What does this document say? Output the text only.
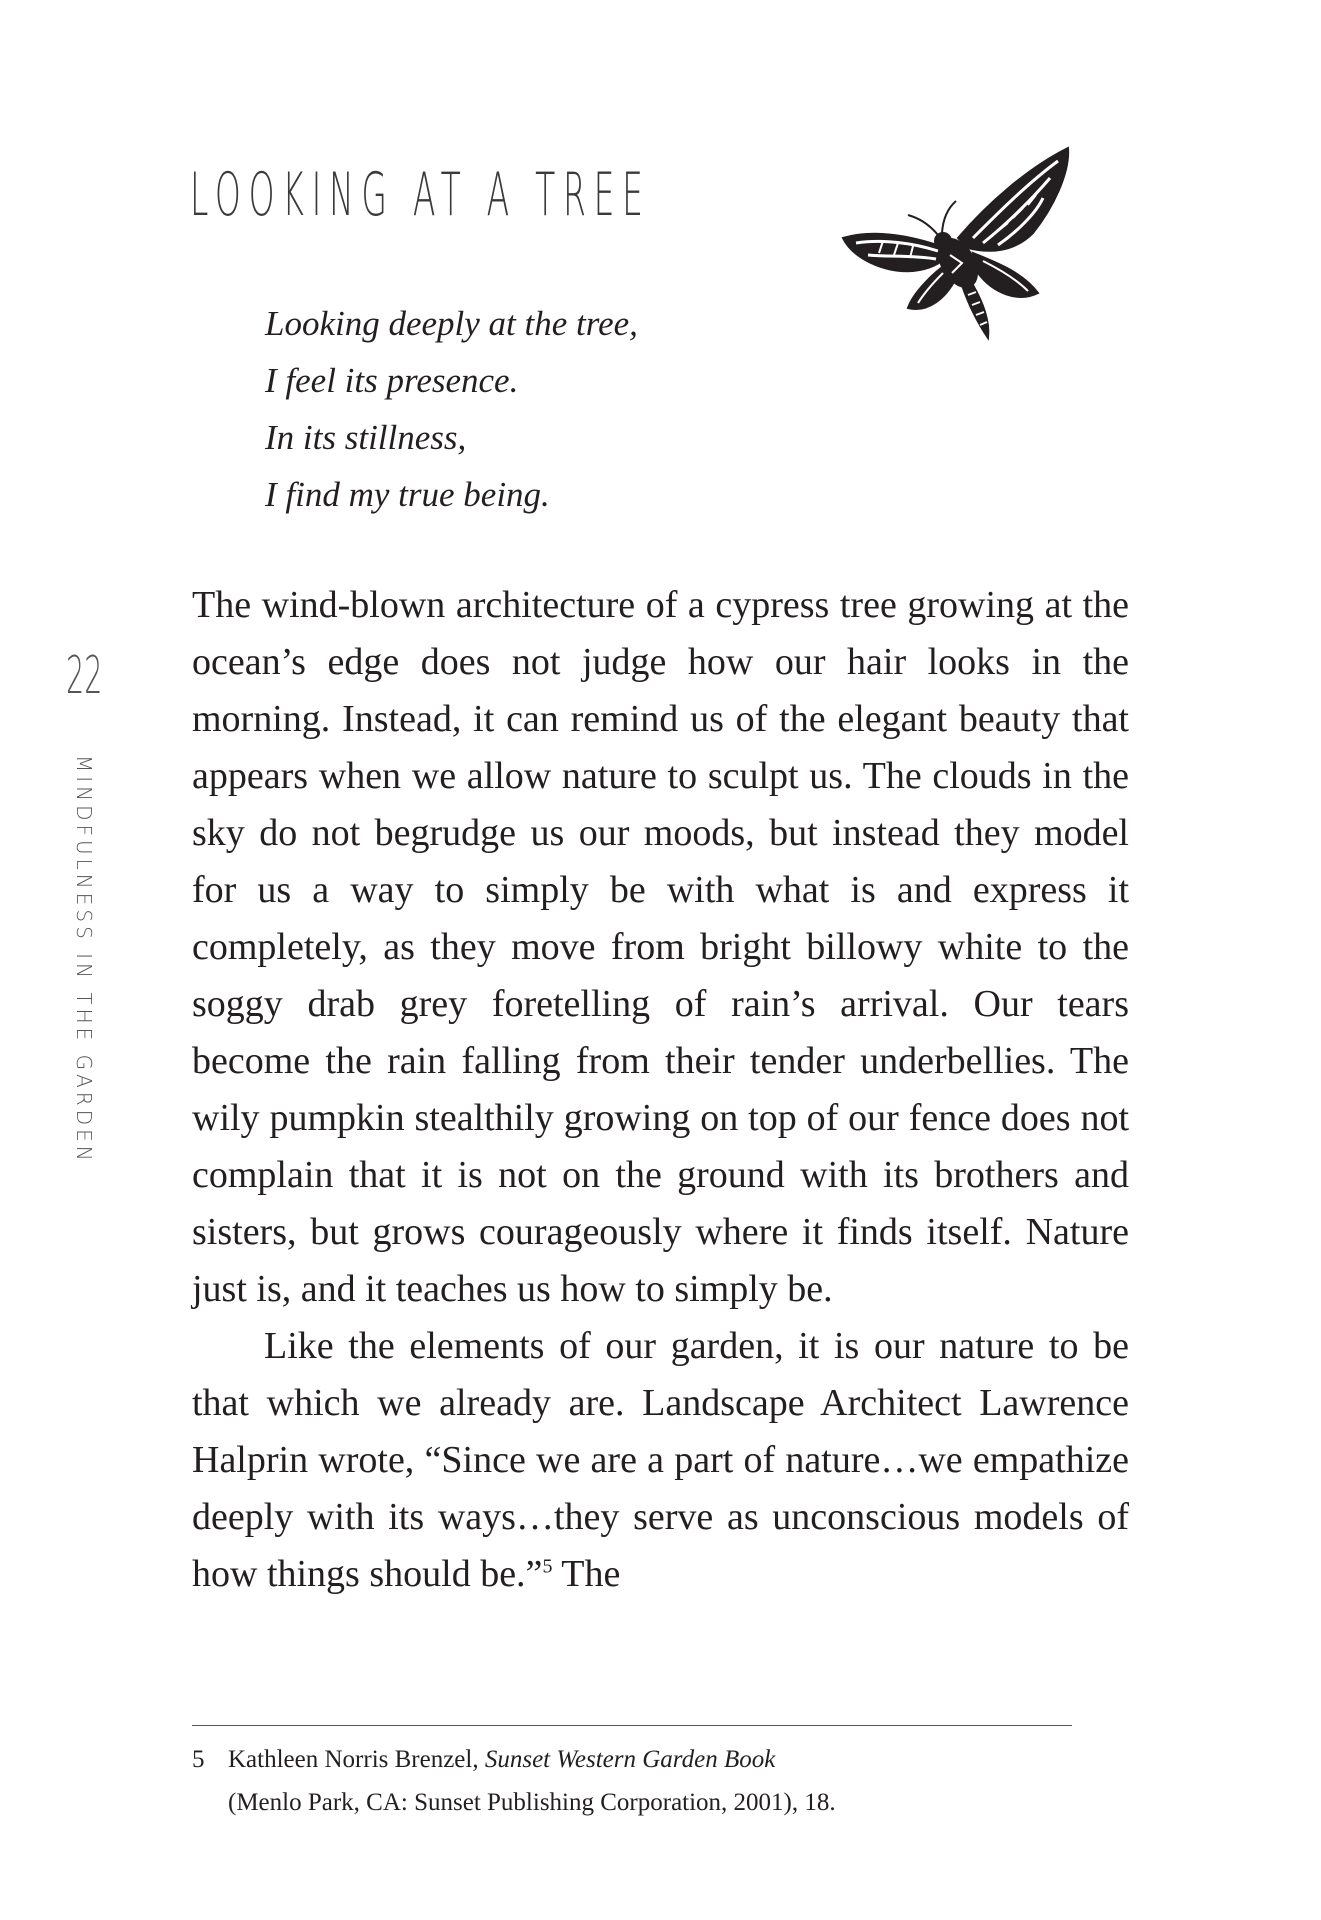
LOOKING AT A TREE
Looking deeply at the tree,
I feel its presence.
In its stillness,
I find my true being.
22
MINDFULNESS IN THE GARDEN

The wind-blown architecture of a cypress tree growing at the ocean’s edge does not judge how our hair looks in the morning. Instead, it can remind us of the elegant beauty that appears when we allow nature to sculpt us. The clouds in the sky do not begrudge us our moods, but instead they model for us a way to simply be with what is and express it completely, as they move from bright billowy white to the soggy drab grey foretelling of rain’s arrival. Our tears become the rain falling from their tender underbellies. The wily pumpkin stealthily growing on top of our fence does not complain that it is not on the ground with its brothers and sisters, but grows courageously where it finds itself. Nature just is, and it teaches us how to simply be.

Like the elements of our garden, it is our nature to be that which we already are. Landscape Architect Lawrence Halprin wrote, “Since we are a part of nature…we empathize deeply with its ways…they serve as unconscious models of how things should be.”$^5$ The

5 Kathleen Norris Brenzel, Sunset Western Garden Book
(Menlo Park, CA: Sunset Publishing Corporation, 2001), 18.
